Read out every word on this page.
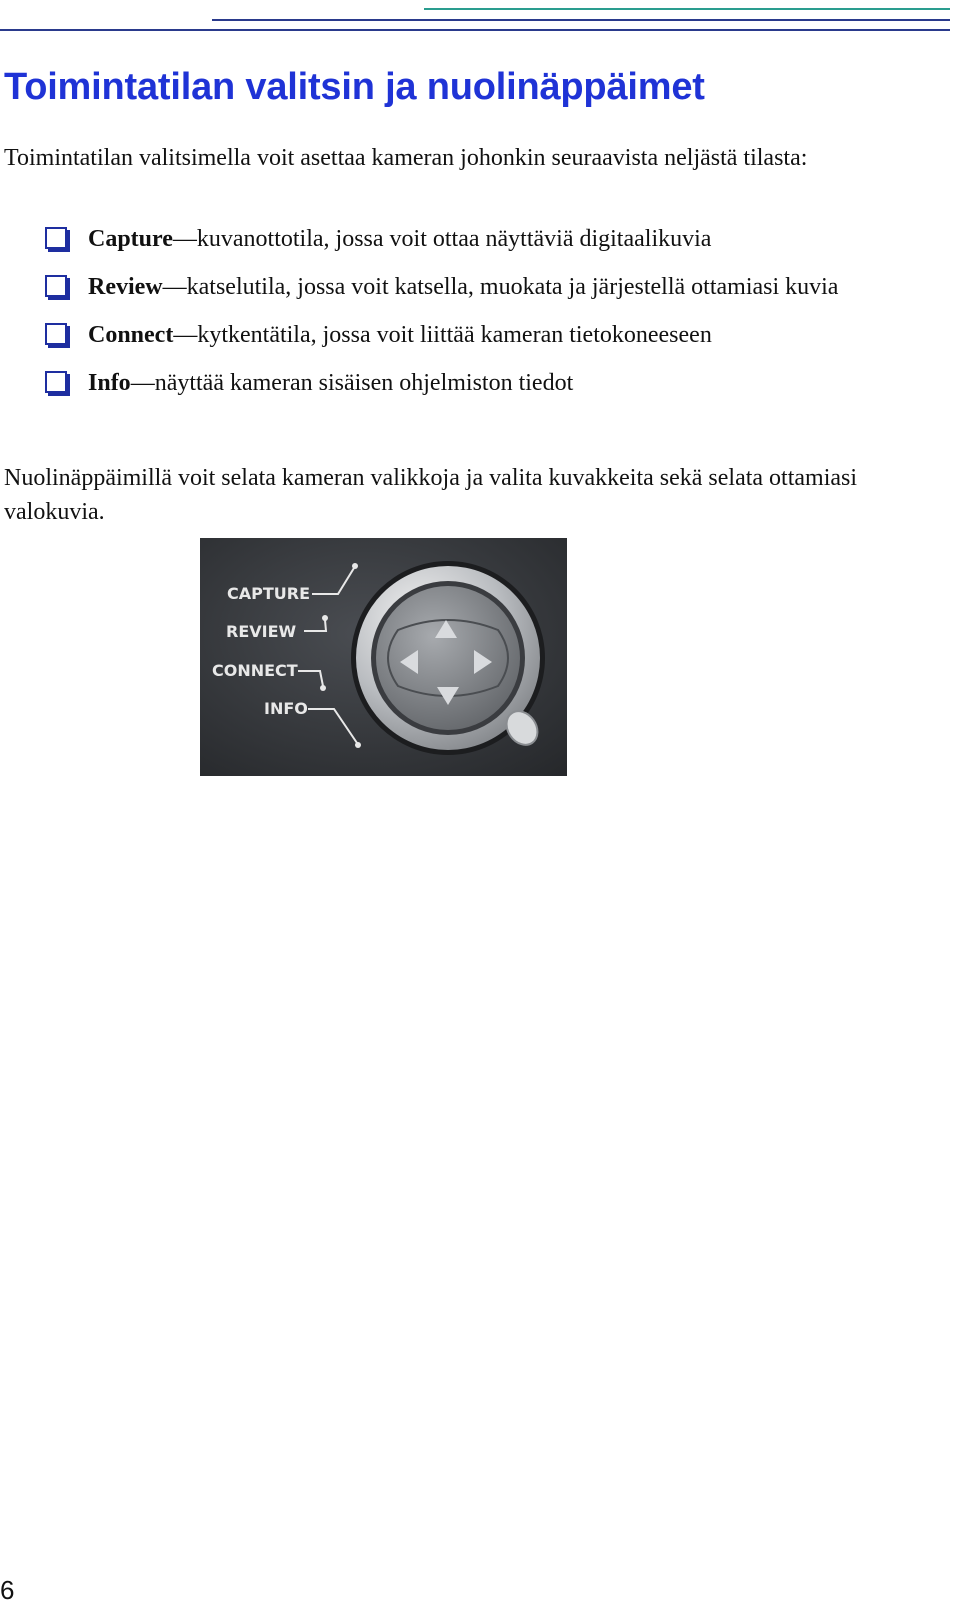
Toimintatilan valitsin ja nuolinäppäimet

Toimintatilan valitsimella voit asettaa kameran johonkin seuraavista neljästä tilasta:

Capture—kuvanottotila, jossa voit ottaa näyttäviä digitaalikuvia
Review—katselutila, jossa voit katsella, muokata ja järjestellä ottamiasi kuvia
Connect—kytkentätila, jossa voit liittää kameran tietokoneeseen
Info—näyttää kameran sisäisen ohjelmiston tiedot

Nuolinäppäimillä voit selata kameran valikkoja ja valita kuvakkeita sekä selata ottamiasi valokuvia.

CAPTURE
REVIEW
CONNECT
INFO
6
